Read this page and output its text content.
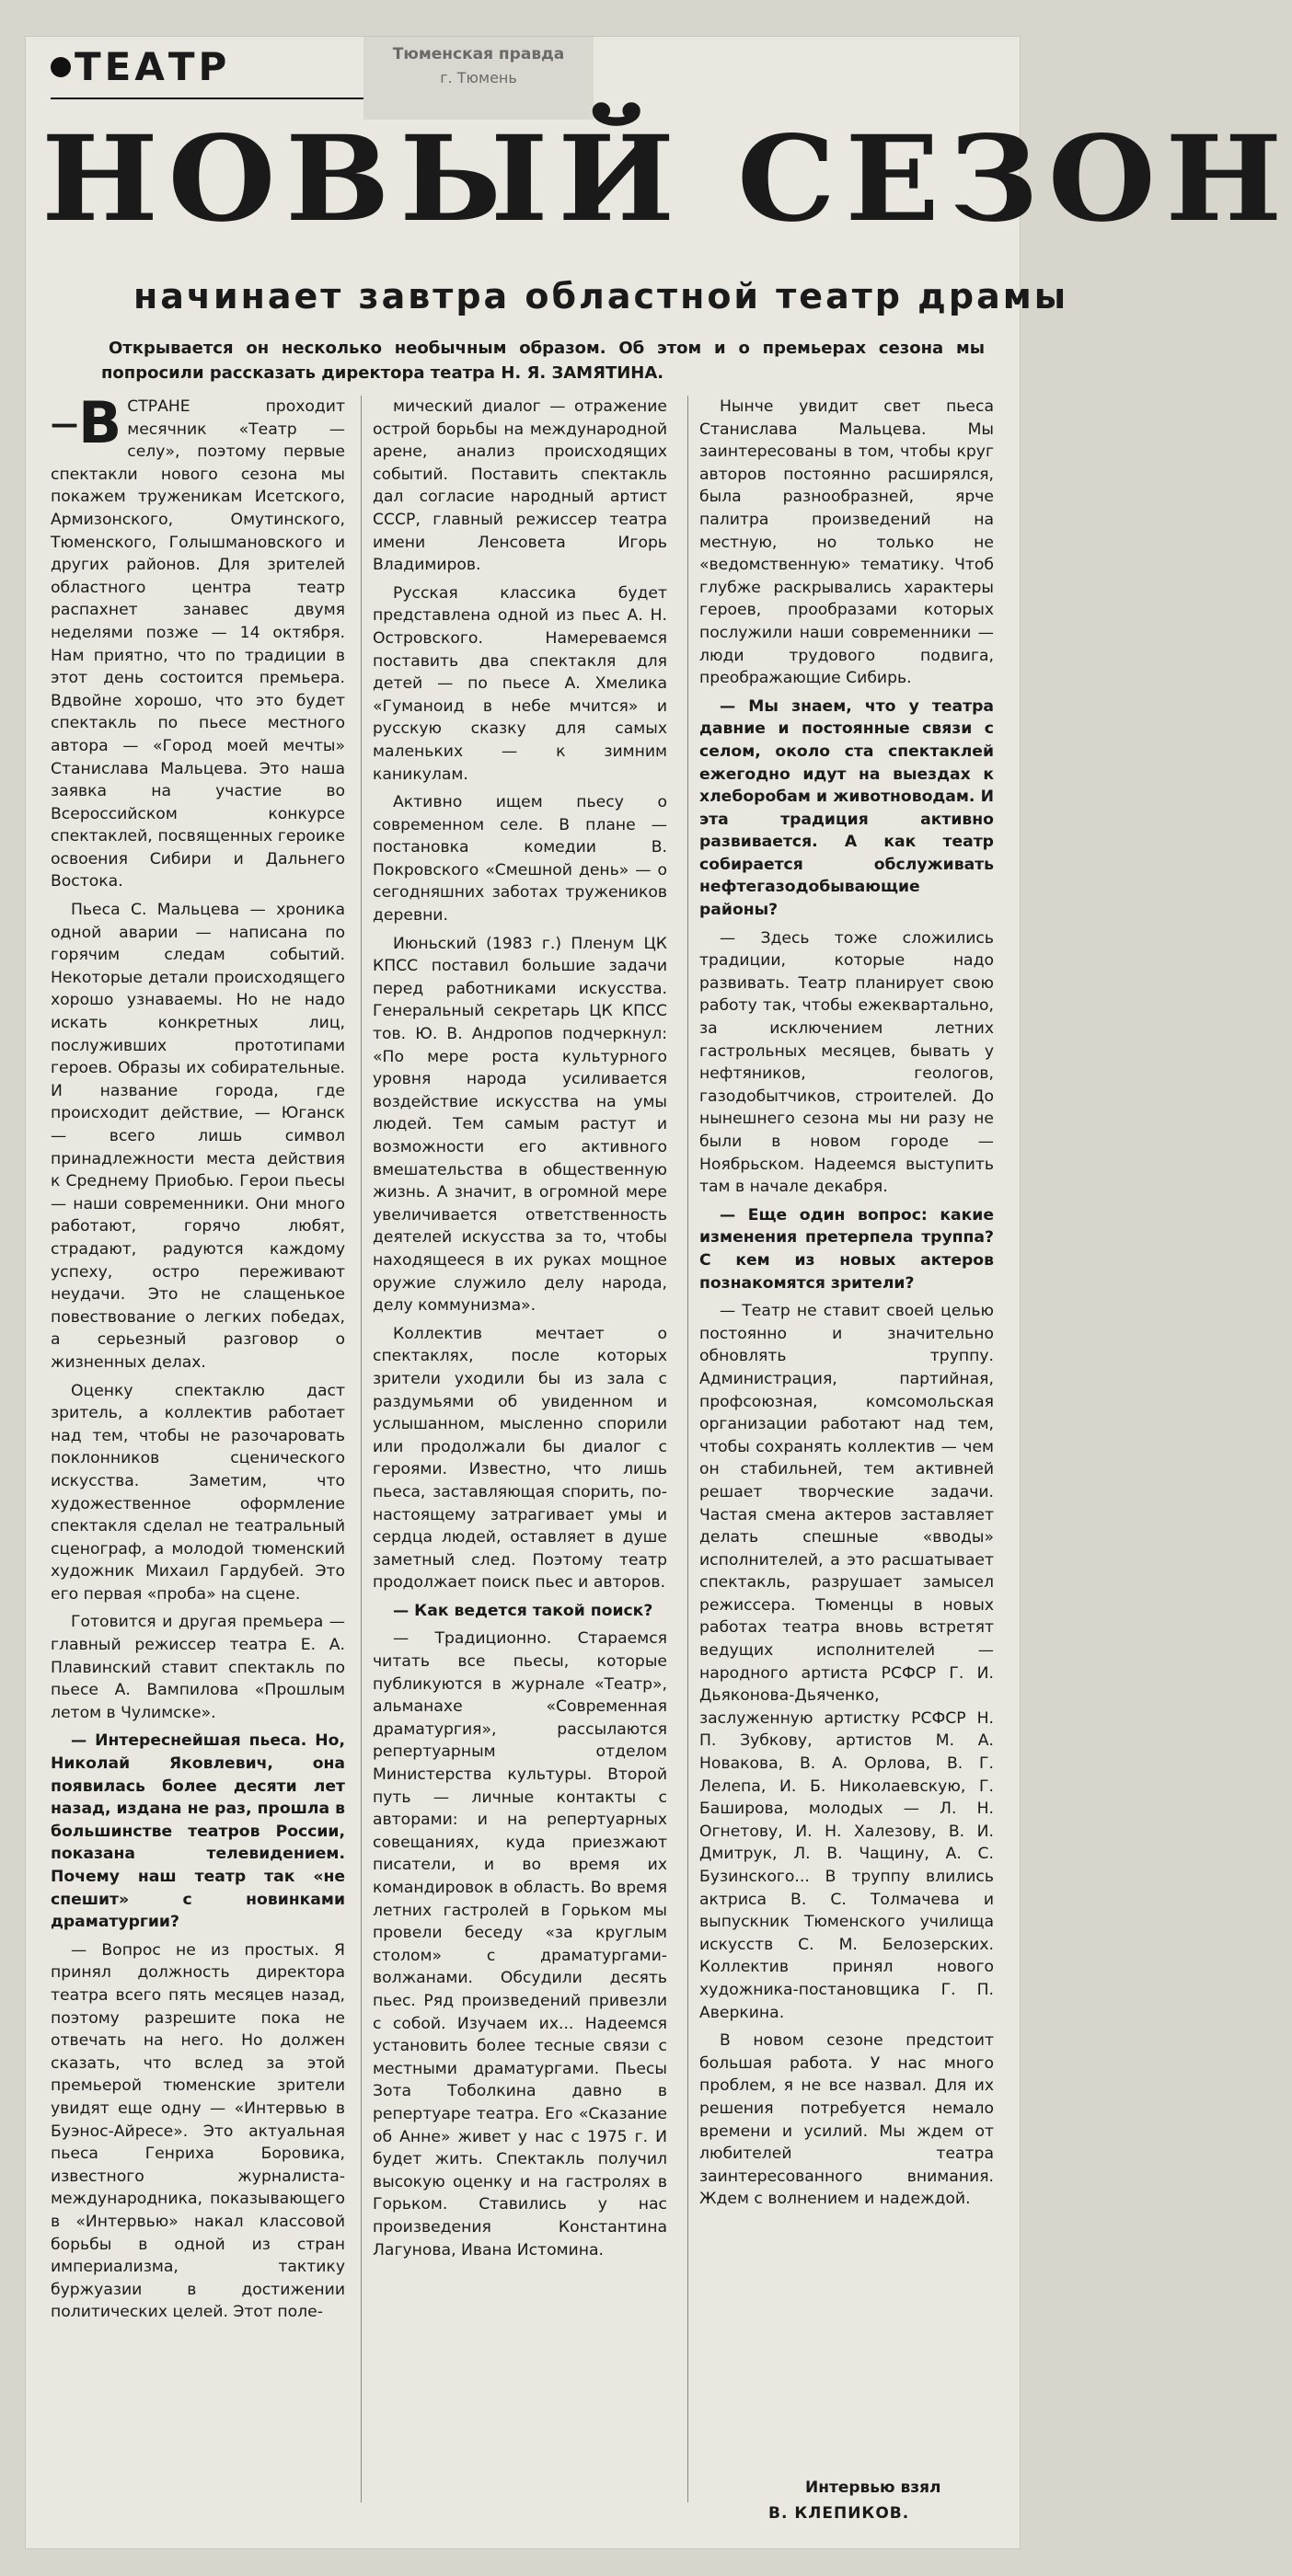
Тюменская правда
г. Тюмень
ТЕАТР
НОВЫЙ СЕЗОН
начинает завтра областной театр драмы
Открывается он несколько необычным образом. Об этом и о премьерах сезона мы попросили рассказать директора театра Н. Я. ЗАМЯТИНА.

— ВСТРАНЕ проходит месячник «Театр — селу», поэтому первые спектакли нового сезона мы покажем труженикам Исетского, Армизонского, Омутинского, Тюменского, Голышмановского и других районов. Для зрителей областного центра театр распахнет занавес двумя неделями позже — 14 октября. Нам приятно, что по традиции в этот день состоится премьера. Вдвойне хорошо, что это будет спектакль по пьесе местного автора — «Город моей мечты» Станислава Мальцева. Это наша заявка на участие во Всероссийском конкурсе спектаклей, посвященных героике освоения Сибири и Дальнего Востока.

Пьеса С. Мальцева — хроника одной аварии — написана по горячим следам событий. Некоторые детали происходящего хорошо узнаваемы. Но не надо искать конкретных лиц, послуживших прототипами героев. Образы их собирательные. И название города, где происходит действие, — Юганск — всего лишь символ принадлежности места действия к Среднему Приобью. Герои пьесы — наши современники. Они много работают, горячо любят, страдают, радуются каждому успеху, остро переживают неудачи. Это не слащенькое повествование о легких победах, а серьезный разговор о жизненных делах.

Оценку спектаклю даст зритель, а коллектив работает над тем, чтобы не разочаровать поклонников сценического искусства. Заметим, что художественное оформление спектакля сделал не театральный сценограф, а молодой тюменский художник Михаил Гардубей. Это его первая «проба» на сцене.

Готовится и другая премьера — главный режиссер театра Е. А. Плавинский ставит спектакль по пьесе А. Вампилова «Прошлым летом в Чулимске».

— Интереснейшая пьеса. Но, Николай Яковлевич, она появилась более десяти лет назад, издана не раз, прошла в большинстве театров России, показана телевидением. Почему наш театр так «не спешит» с новинками драматургии?

— Вопрос не из простых. Я принял должность директора театра всего пять месяцев назад, поэтому разрешите пока не отвечать на него. Но должен сказать, что вслед за этой премьерой тюменские зрители увидят еще одну — «Интервью в Буэнос-Айресе». Это актуальная пьеса Генриха Боровика, известного журналиста-международника, показывающего в «Интервью» накал классовой борьбы в одной из стран империализма, тактику буржуазии в достижении политических целей. Этот поле-

мический диалог — отражение острой борьбы на международной арене, анализ происходящих событий. Поставить спектакль дал согласие народный артист СССР, главный режиссер театра имени Ленсовета Игорь Владимиров.

Русская классика будет представлена одной из пьес А. Н. Островского. Намереваемся поставить два спектакля для детей — по пьесе А. Хмелика «Гуманоид в небе мчится» и русскую сказку для самых маленьких — к зимним каникулам.

Активно ищем пьесу о современном селе. В плане — постановка комедии В. Покровского «Смешной день» — о сегодняшних заботах тружеников деревни.

Июньский (1983 г.) Пленум ЦК КПСС поставил большие задачи перед работниками искусства. Генеральный секретарь ЦК КПСС тов. Ю. В. Андропов подчеркнул: «По мере роста культурного уровня народа усиливается воздействие искусства на умы людей. Тем самым растут и возможности его активного вмешательства в общественную жизнь. А значит, в огромной мере увеличивается ответственность деятелей искусства за то, чтобы находящееся в их руках мощное оружие служило делу народа, делу коммунизма».

Коллектив мечтает о спектаклях, после которых зрители уходили бы из зала с раздумьями об увиденном и услышанном, мысленно спорили или продолжали бы диалог с героями. Известно, что лишь пьеса, заставляющая спорить, по-настоящему затрагивает умы и сердца людей, оставляет в душе заметный след. Поэтому театр продолжает поиск пьес и авторов.

— Как ведется такой поиск?

— Традиционно. Стараемся читать все пьесы, которые публикуются в журнале «Театр», альманахе «Современная драматургия», рассылаются репертуарным отделом Министерства культуры. Второй путь — личные контакты с авторами: и на репертуарных совещаниях, куда приезжают писатели, и во время их командировок в область. Во время летних гастролей в Горьком мы провели беседу «за круглым столом» с драматургами-волжанами. Обсудили десять пьес. Ряд произведений привезли с собой. Изучаем их... Надеемся установить более тесные связи с местными драматургами. Пьесы Зота Тоболкина давно в репертуаре театра. Его «Сказание об Анне» живет у нас с 1975 г. И будет жить. Спектакль получил высокую оценку и на гастролях в Горьком. Ставились у нас произведения Константина Лагунова, Ивана Истомина.

Нынче увидит свет пьеса Станислава Мальцева. Мы заинтересованы в том, чтобы круг авторов постоянно расширялся, была разнообразней, ярче палитра произведений на местную, но только не «ведомственную» тематику. Чтоб глубже раскрывались характеры героев, прообразами которых послужили наши современники — люди трудового подвига, преображающие Сибирь.

— Мы знаем, что у театра давние и постоянные связи с селом, около ста спектаклей ежегодно идут на выездах к хлеборобам и животноводам. И эта традиция активно развивается. А как театр собирается обслуживать нефтегазодобывающие районы?

— Здесь тоже сложились традиции, которые надо развивать. Театр планирует свою работу так, чтобы ежеквартально, за исключением летних гастрольных месяцев, бывать у нефтяников, геологов, газодобытчиков, строителей. До нынешнего сезона мы ни разу не были в новом городе — Ноябрьском. Надеемся выступить там в начале декабря.

— Еще один вопрос: какие изменения претерпела труппа? С кем из новых актеров познакомятся зрители?

— Театр не ставит своей целью постоянно и значительно обновлять труппу. Администрация, партийная, профсоюзная, комсомольская организации работают над тем, чтобы сохранять коллектив — чем он стабильней, тем активней решает творческие задачи. Частая смена актеров заставляет делать спешные «вводы» исполнителей, а это расшатывает спектакль, разрушает замысел режиссера. Тюменцы в новых работах театра вновь встретят ведущих исполнителей — народного артиста РСФСР Г. И. Дьяконова-Дьяченко, заслуженную артистку РСФСР Н. П. Зубкову, артистов М. А. Новакова, В. А. Орлова, В. Г. Лелепа, И. Б. Николаевскую, Г. Баширова, молодых — Л. Н. Огнетову, И. Н. Халезову, В. И. Дмитрук, Л. В. Чащину, А. С. Бузинского... В труппу влились актриса В. С. Толмачева и выпускник Тюменского училища искусств С. М. Белозерских. Коллектив принял нового художника-постановщика Г. П. Аверкина.

В новом сезоне предстоит большая работа. У нас много проблем, я не все назвал. Для их решения потребуется немало времени и усилий. Мы ждем от любителей театра заинтересованного внимания. Ждем с волнением и надеждой.

Интервью взял
В. КЛЕПИКОВ.
